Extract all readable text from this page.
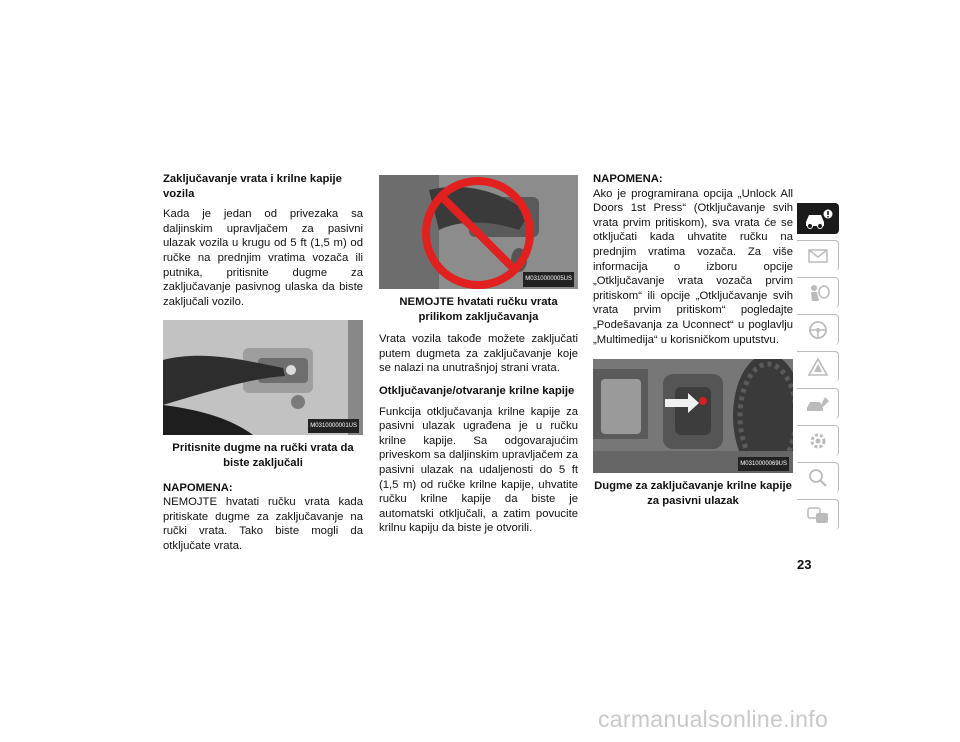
Zaključavanje vrata i krilne kapije vozila

Kada je jedan od privezaka sa daljinskim upravljačem za pasivni ulazak vozila u krugu od 5 ft (1,5 m) od ručke na prednjim vratima vozača ili putnika, pritisnite dugme za zaključavanje pasivnog ulaska da biste zaključali vozilo.

M0310000001US

Pritisnite dugme na ručki vrata da biste zaključali

NAPOMENA:

NEMOJTE hvatati ručku vrata kada pritiskate dugme za zaključavanje na ručki vrata. Tako biste mogli da otključate vrata.

M0310000005US

NEMOJTE hvatati ručku vrata prilikom zaključavanja

Vrata vozila takođe možete zaključati putem dugmeta za zaključavanje koje se nalazi na unutrašnjoj strani vrata.

Otključavanje/otvaranje krilne kapije

Funkcija otključavanja krilne kapije za pasivni ulazak ugrađena je u ručku krilne kapije. Sa odgovarajućim priveskom sa daljinskim upravljačem za pasivni ulazak na udaljenosti do 5 ft (1,5 m) od ručke krilne kapije, uhvatite ručku krilne kapije da biste je automatski otključali, a zatim povucite krilnu kapiju da biste je otvorili.

NAPOMENA:

Ako je programirana opcija „Unlock All Doors 1st Press“ (Otključavanje svih vrata prvim pritiskom), sva vrata će se otključati kada uhvatite ručku na prednjim vratima vozača. Za više informacija o izboru opcije „Otključavanje vrata vozača prvim pritiskom“ ili opcije „Otključavanje svih vrata prvim pritiskom“ pogledajte „Podešavanja za Uconnect“ u poglavlju „Multimedija“ u korisničkom uputstvu.

M0310000069US

Dugme za zaključavanje krilne kapije za pasivni ulazak

23
carmanualsonline.info
